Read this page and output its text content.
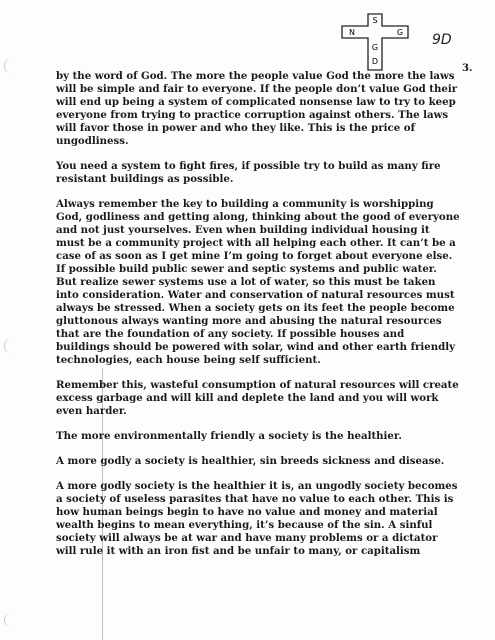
S
N	G
G
D
9D
3.

by the word of God. The more the people value God the more the laws
will be simple and fair to everyone. If the people don’t value God their
will end up being a system of complicated nonsense law to try to keep
everyone from trying to practice corruption against others. The laws
will favor those in power and who they like. This is the price of
ungodliness.

You need a system to fight fires, if possible try to build as many fire
resistant buildings as possible.

Always remember the key to building a community is worshipping
God, godliness and getting along, thinking about the good of everyone
and not just yourselves. Even when building individual housing it
must be a community project with all helping each other. It can’t be a
case of as soon as I get mine I’m going to forget about everyone else.
If possible build public sewer and septic systems and public water.
But realize sewer systems use a lot of water, so this must be taken
into consideration. Water and conservation of natural resources must
always be stressed. When a society gets on its feet the people become
gluttonous always wanting more and abusing the natural resources
that are the foundation of any society. If possible houses and
buildings should be powered with solar, wind and other earth friendly
technologies, each house being self sufficient.

Remember this, wasteful consumption of natural resources will create
excess garbage and will kill and deplete the land and you will work
even harder.

The more environmentally friendly a society is the healthier.

A more godly a society is healthier, sin breeds sickness and disease.

A more godly society is the healthier it is, an ungodly society becomes
a society of useless parasites that have no value to each other. This is
how human beings begin to have no value and money and material
wealth begins to mean everything, it’s because of the sin. A sinful
society will always be at war and have many problems or a dictator
will rule it with an iron fist and be unfair to many, or capitalism
